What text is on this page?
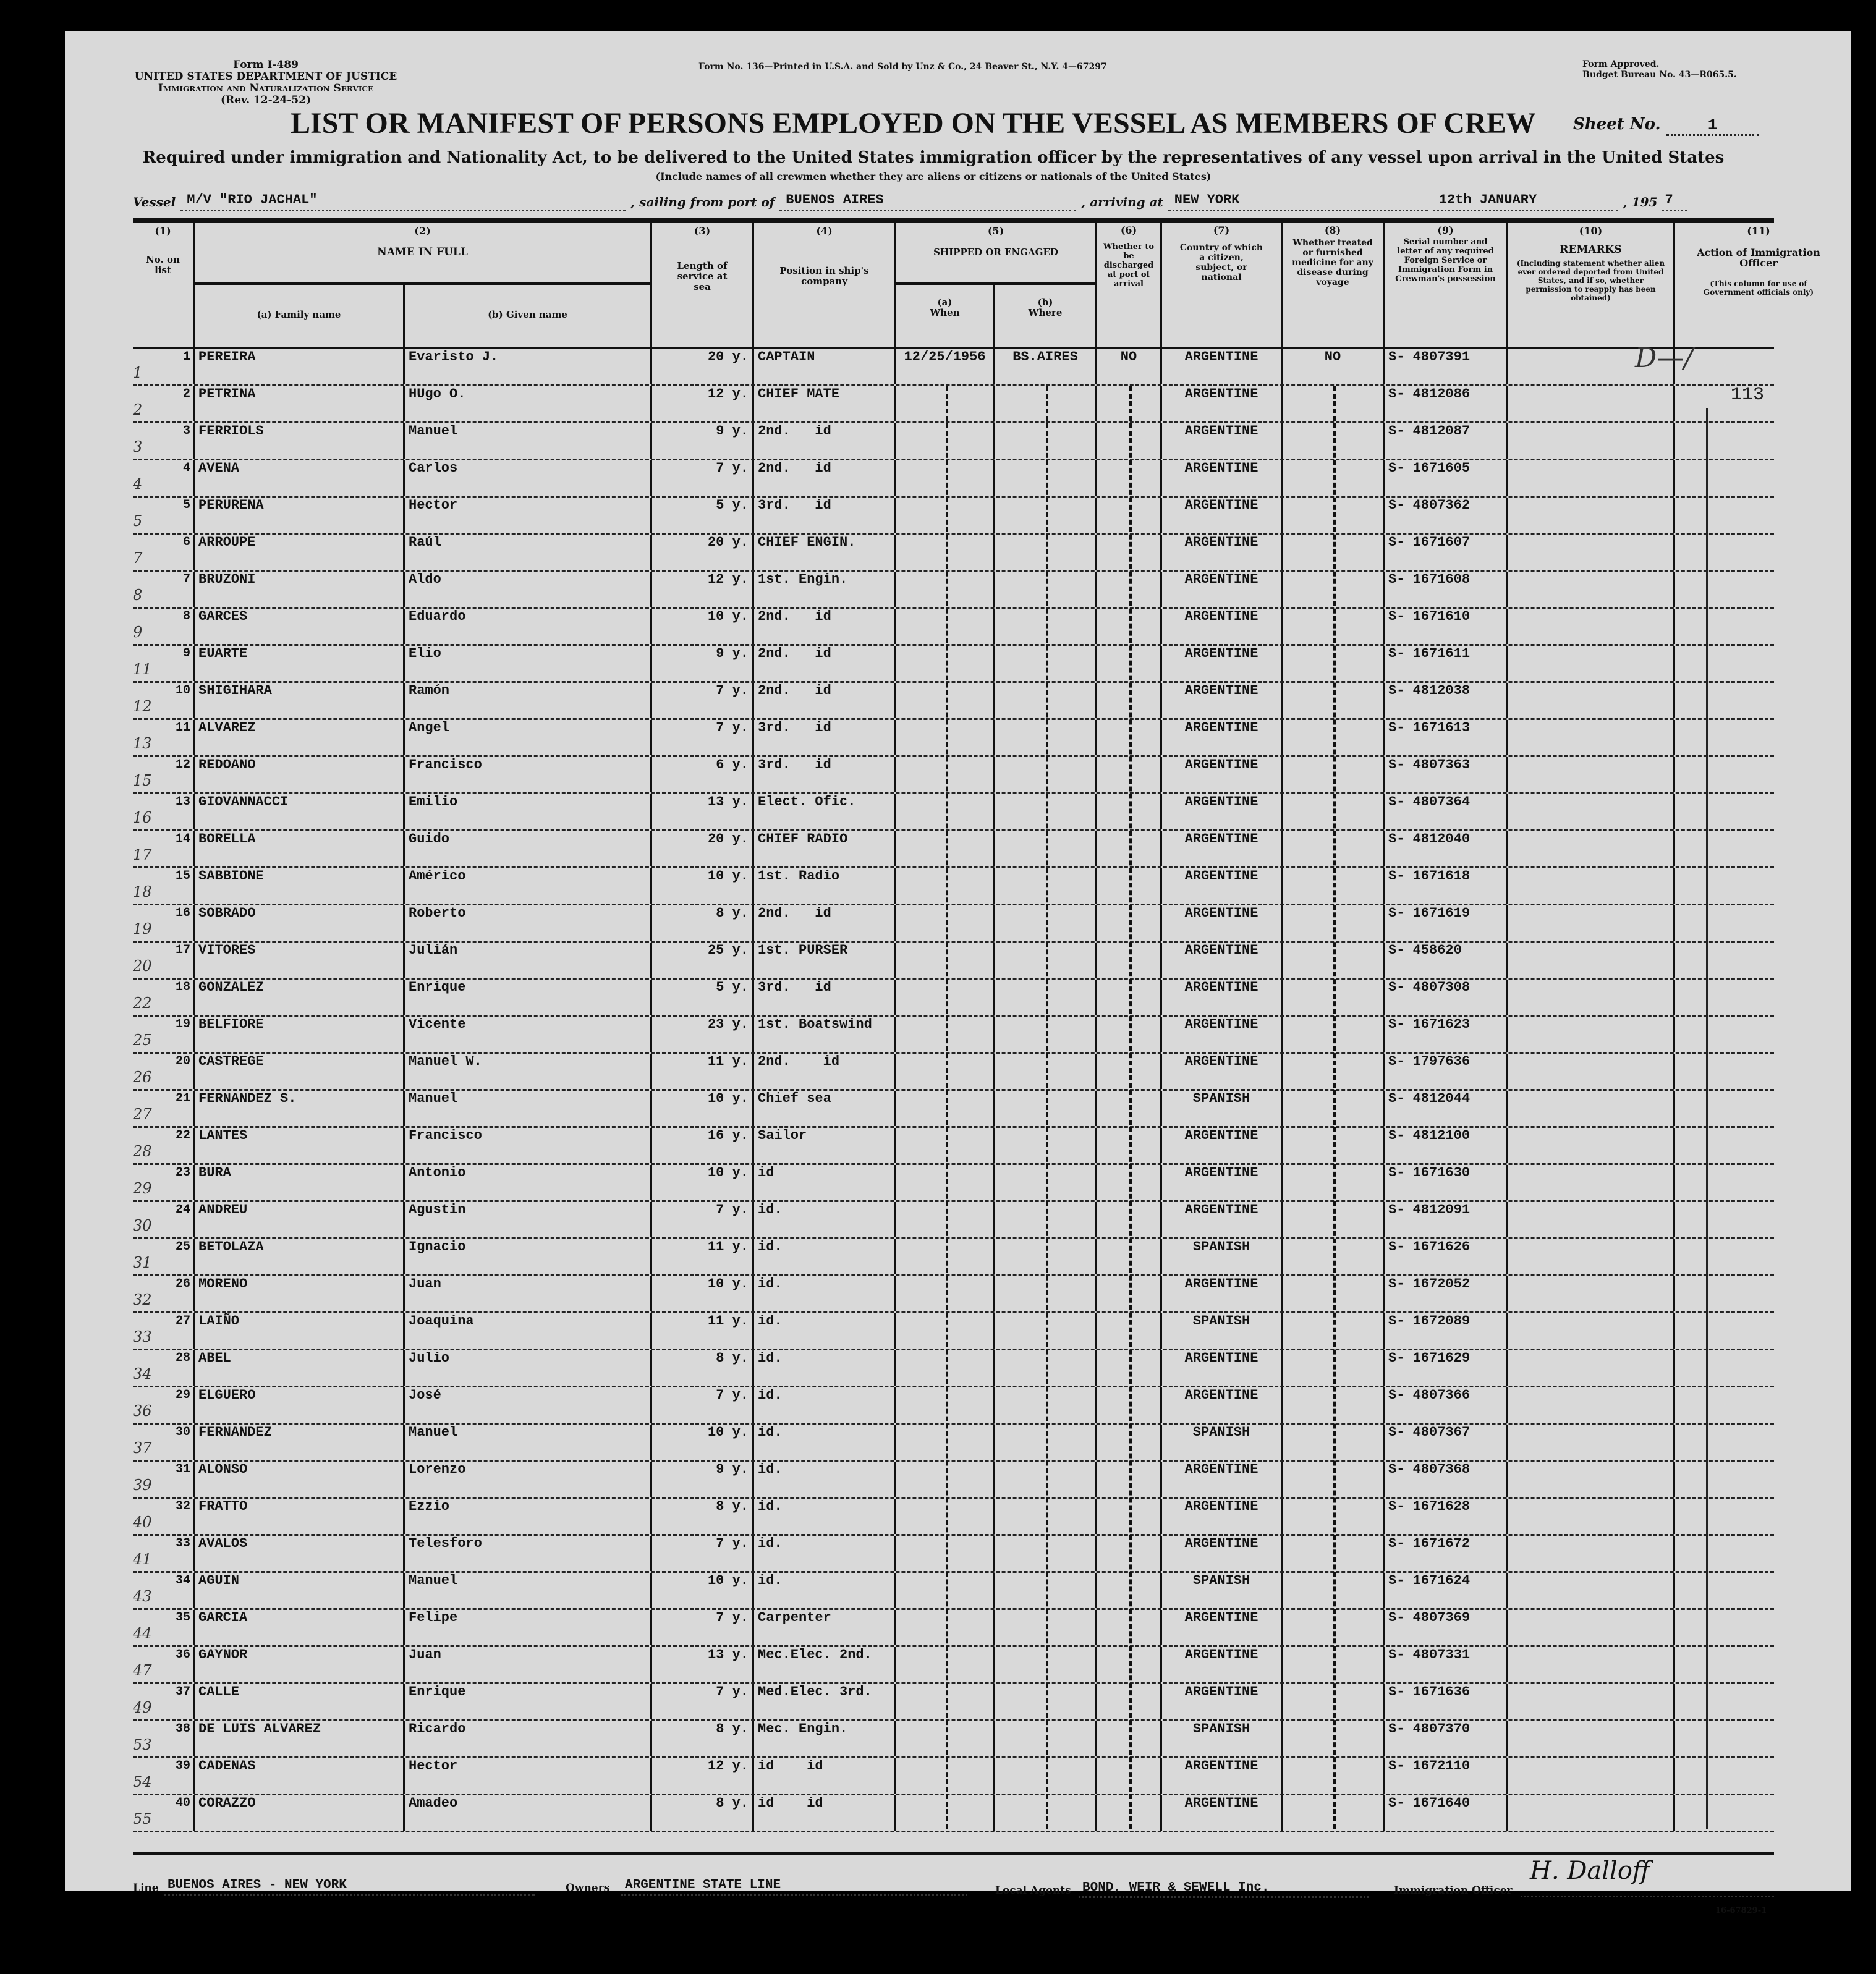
Form I-489
UNITED STATES DEPARTMENT OF JUSTICE
Immigration and Naturalization Service
(Rev. 12-24-52)
Form No. 136—Printed in U.S.A. and Sold by Unz & Co., 24 Beaver St., N.Y. 4—67297	Form Approved.
Budget Bureau No. 43—R065.5.
LIST OR MANIFEST OF PERSONS EMPLOYED ON THE VESSEL AS MEMBERS OF CREW Sheet No.	1
Required under immigration and Nationality Act, to be delivered to the United States immigration officer by the representatives of any vessel upon arrival in the United States
(Include names of all crewmen whether they are aliens or citizens or nationals of the United States)
Vessel M/V "RIO JACHAL"	, sailing from port of BUENOS AIRES	, arriving at NEW YORK	12th JANUARY	, 195 7
(1)
No. on list
(2)
NAME IN FULL
(a) Family name	(b) Given name
(3)
Length of service at sea
(4)
Position in ship's company
(5)
SHIPPED OR ENGAGED
(a) When
(b) Where
(6)
Whether to be discharged at port of arrival
(7)
Country of which a citizen, subject, or national
(8)
Whether treated or furnished medicine for any disease during voyage
(9)
Serial number and letter of any required Foreign Service or Immigration Form in Crewman's possession
(10)
REMARKS
(Including statement whether alien ever ordered deported from United States, and if so, whether permission to reapply has been obtained)
(11)
Action of Immigration Officer
(This column for use of Government officials only)
1
1 PEREIRA	Evaristo J.	20 y. CAPTAIN	12/25/1956	BS.AIRES	NO	ARGENTINE	NO	S- 4807391
2
2 PETRINA	HUgo O.	12 y. CHIEF MATE	ARGENTINE	S- 4812086
3
3 FERRIOLS	Manuel	9 y. 2nd.   id	ARGENTINE	S- 4812087
4
4 AVENA	Carlos	7 y. 2nd.   id	ARGENTINE	S- 1671605
5
5 PERURENA	Hector	5 y. 3rd.   id	ARGENTINE	S- 4807362
7
6 ARROUPE	Raúl	20 y. CHIEF ENGIN.	ARGENTINE	S- 1671607
8
7 BRUZONI	Aldo	12 y. 1st. Engin.	ARGENTINE	S- 1671608
9
8 GARCES	Eduardo	10 y. 2nd.   id	ARGENTINE	S- 1671610
11
9 EUARTE	Elio	9 y. 2nd.   id	ARGENTINE	S- 1671611
12
10 SHIGIHARA	Ramón	7 y. 2nd.   id	ARGENTINE	S- 4812038
13
11 ALVAREZ	Angel	7 y. 3rd.   id	ARGENTINE	S- 1671613
15
12 REDOANO	Francisco	6 y. 3rd.   id	ARGENTINE	S- 4807363
16
13 GIOVANNACCI	Emilio	13 y. Elect. Ofic.	ARGENTINE	S- 4807364
17
14 BORELLA	Guido	20 y. CHIEF RADIO	ARGENTINE	S- 4812040
18
15 SABBIONE	Américo	10 y. 1st. Radio	ARGENTINE	S- 1671618
19
16 SOBRADO	Roberto	8 y. 2nd.   id	ARGENTINE	S- 1671619
20
17 VITORES	Julián	25 y. 1st. PURSER	ARGENTINE	S- 458620
22
18 GONZALEZ	Enrique	5 y. 3rd.   id	ARGENTINE	S- 4807308
25
19 BELFIORE	Vicente	23 y. 1st. Boatswind	ARGENTINE	S- 1671623
26
20 CASTREGE	Manuel W.	11 y. 2nd.    id	ARGENTINE	S- 1797636
27
21 FERNANDEZ S.	Manuel	10 y. Chief sea	SPANISH	S- 4812044
28
22 LANTES	Francisco	16 y. Sailor	ARGENTINE	S- 4812100
29
23 BURA	Antonio	10 y. id	ARGENTINE	S- 1671630
30
24 ANDREU	Agustin	7 y. id.	ARGENTINE	S- 4812091
31
25 BETOLAZA	Ignacio	11 y. id.	SPANISH	S- 1671626
32
26 MORENO	Juan	10 y. id.	ARGENTINE	S- 1672052
33
27 LAIÑO	Joaquina	11 y. id.	SPANISH	S- 1672089
34
28 ABEL	Julio	8 y. id.	ARGENTINE	S- 1671629
36
29 ELGUERO	José	7 y. id.	ARGENTINE	S- 4807366
37
30 FERNANDEZ	Manuel	10 y. id.	SPANISH	S- 4807367
39
31 ALONSO	Lorenzo	9 y. id.	ARGENTINE	S- 4807368
40
32 FRATTO	Ezzio	8 y. id.	ARGENTINE	S- 1671628
41
33 AVALOS	Telesforo	7 y. id.	ARGENTINE	S- 1671672
43
34 AGUIN	Manuel	10 y. id.	SPANISH	S- 1671624
44
35 GARCIA	Felipe	7 y. Carpenter	ARGENTINE	S- 4807369
47
36 GAYNOR	Juan	13 y. Mec.Elec. 2nd.	ARGENTINE	S- 4807331
49
37 CALLE	Enrique	7 y. Med.Elec. 3rd.	ARGENTINE	S- 1671636
53
38 DE LUIS ALVAREZ	Ricardo	8 y. Mec. Engin.	SPANISH	S- 4807370
54
39 CADENAS	Hector	12 y. id    id	ARGENTINE	S- 1672110
55
40 CORAZZO	Amadeo	8 y. id    id	ARGENTINE	S- 1671640
D—/
113
Line BUENOS AIRES - NEW YORK	Owners ARGENTINE STATE LINE	Local Agents BOND, WEIR & SEWELL Inc.	Immigration Officer
H. Dalloff
16-67829-1
